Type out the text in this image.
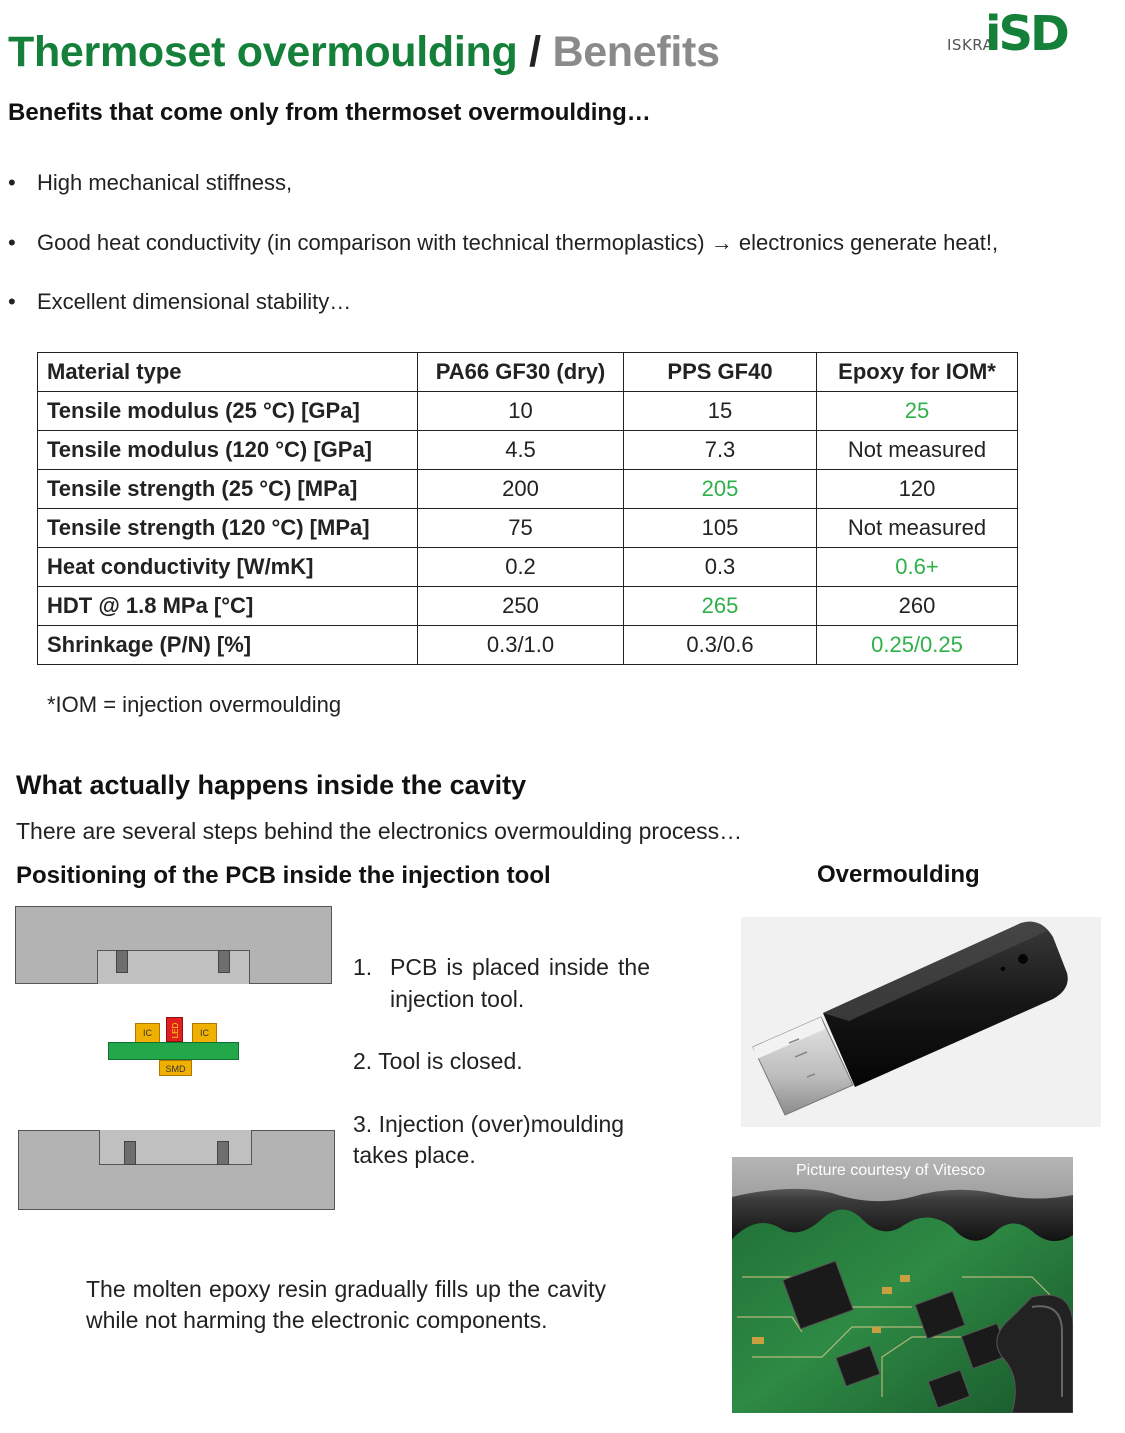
Thermoset overmoulding / Benefits	ISKRA
iSD
Benefits that come only from thermoset overmoulding…
• High mechanical stiffness,
• Good heat conductivity (in comparison with technical thermoplastics) → electronics generate heat!,
• Excellent dimensional stability…
Material type	PA66 GF30 (dry)	PPS GF40	Epoxy for IOM*
Tensile modulus (25 °C) [GPa]	10	15	25
Tensile modulus (120 °C) [GPa]	4.5	7.3	Not measured
Tensile strength (25 °C) [MPa]	200	205	120
Tensile strength (120 °C) [MPa]	75	105	Not measured
Heat conductivity [W/mK]	0.2	0.3	0.6+
HDT @ 1.8 MPa [°C]	250	265	260
Shrinkage (P/N) [%]	0.3/1.0	0.3/0.6	0.25/0.25
*IOM = injection overmoulding
What actually happens inside the cavity
There are several steps behind the electronics overmoulding process…
Positioning of the PCB inside the injection tool	Overmoulding
IC	LED	IC
SMD
1. PCB is placed inside the injection tool.
2. Tool is closed.
3. Injection (over)moulding takes place.
The molten epoxy resin gradually fills up the cavity while not harming the electronic components.
Picture courtesy of Vitesco
